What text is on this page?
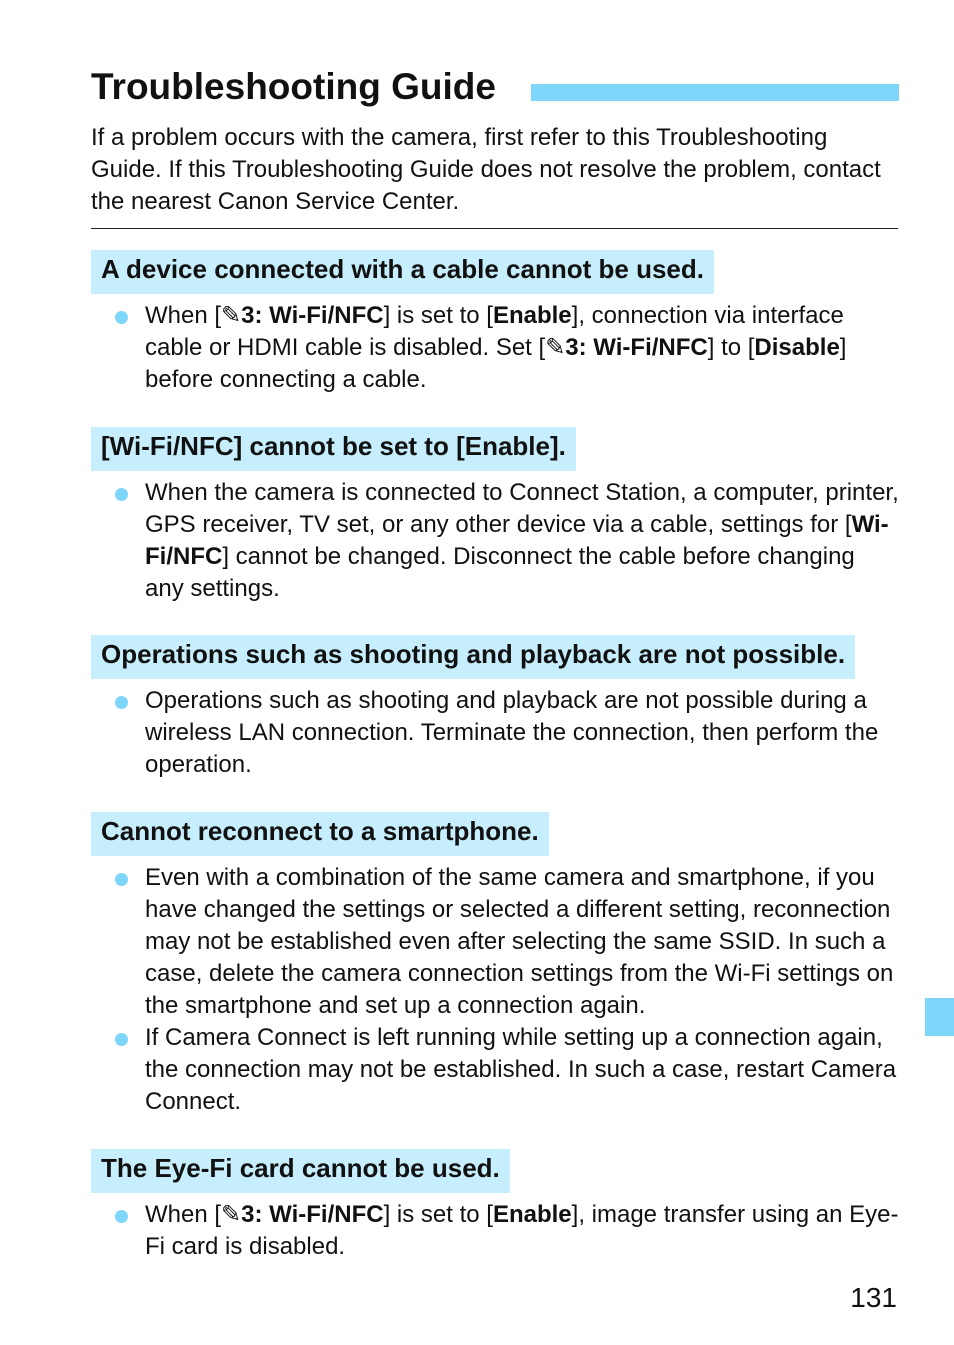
Troubleshooting Guide

If a problem occurs with the camera, first refer to this Troubleshooting Guide. If this Troubleshooting Guide does not resolve the problem, contact the nearest Canon Service Center.

A device connected with a cable cannot be used.
When [✎3: Wi-Fi/NFC] is set to [Enable], connection via interface cable or HDMI cable is disabled. Set [✎3: Wi-Fi/NFC] to [Disable] before connecting a cable.
[Wi-Fi/NFC] cannot be set to [Enable].
When the camera is connected to Connect Station, a computer, printer, GPS receiver, TV set, or any other device via a cable, settings for [Wi-Fi/NFC] cannot be changed. Disconnect the cable before changing any settings.
Operations such as shooting and playback are not possible.
Operations such as shooting and playback are not possible during a wireless LAN connection. Terminate the connection, then perform the operation.
Cannot reconnect to a smartphone.
Even with a combination of the same camera and smartphone, if you have changed the settings or selected a different setting, reconnection may not be established even after selecting the same SSID. In such a case, delete the camera connection settings from the Wi-Fi settings on the smartphone and set up a connection again.
If Camera Connect is left running while setting up a connection again, the connection may not be established. In such a case, restart Camera Connect.
The Eye-Fi card cannot be used.
When [✎3: Wi-Fi/NFC] is set to [Enable], image transfer using an Eye-Fi card is disabled.
131
